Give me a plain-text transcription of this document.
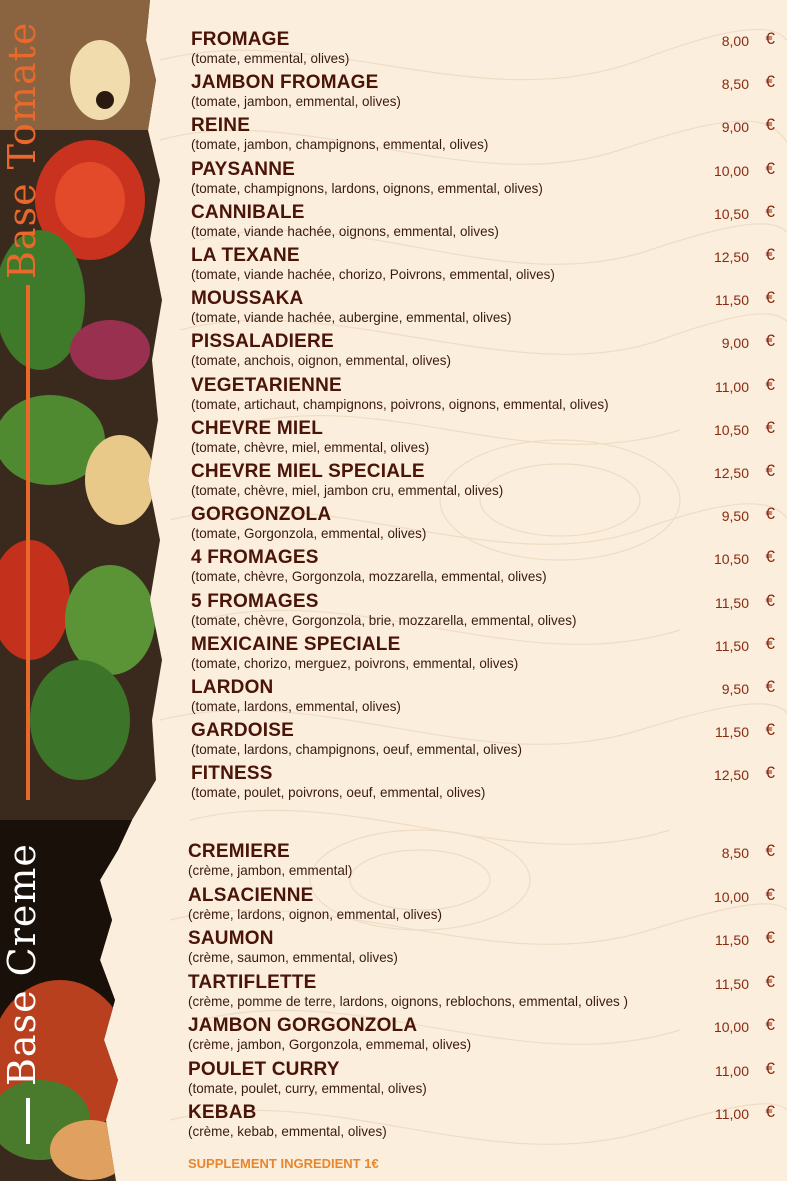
Base Tomate
Base Creme
FROMAGE
(tomate, emmental, olives)
8,00 €
JAMBON FROMAGE
(tomate, jambon, emmental, olives)
8,50 €
REINE
(tomate, jambon, champignons, emmental, olives)
9,00 €
PAYSANNE
(tomate, champignons, lardons, oignons, emmental, olives)
10,00 €
CANNIBALE
(tomate, viande hachée, oignons, emmental, olives)
10,50 €
LA TEXANE
(tomate, viande hachée, chorizo, Poivrons, emmental, olives)
12,50 €
MOUSSAKA
(tomate, viande hachée, aubergine, emmental, olives)
11,50 €
PISSALADIERE
(tomate, anchois, oignon, emmental, olives)
9,00 €
VEGETARIENNE
(tomate, artichaut, champignons, poivrons, oignons, emmental, olives)
11,00 €
CHEVRE MIEL
(tomate, chèvre, miel, emmental, olives)
10,50 €
CHEVRE MIEL SPECIALE
(tomate, chèvre, miel, jambon cru, emmental, olives)
12,50 €
GORGONZOLA
(tomate, Gorgonzola, emmental, olives)
9,50 €
4 FROMAGES
(tomate, chèvre, Gorgonzola, mozzarella, emmental, olives)
10,50 €
5 FROMAGES
(tomate, chèvre, Gorgonzola, brie, mozzarella, emmental, olives)
11,50 €
MEXICAINE SPECIALE
(tomate, chorizo, merguez, poivrons, emmental, olives)
11,50 €
LARDON
(tomate, lardons, emmental, olives)
9,50 €
GARDOISE
(tomate, lardons, champignons, oeuf, emmental, olives)
11,50 €
FITNESS
(tomate, poulet, poivrons, oeuf, emmental, olives)
12,50 €
CREMIERE
(crème, jambon, emmental)
8,50 €
ALSACIENNE
(crème, lardons, oignon, emmental, olives)
10,00 €
SAUMON
(crème, saumon, emmental, olives)
11,50 €
TARTIFLETTE
(crème, pomme de terre, lardons, oignons, reblochons, emmental, olives )
11,50 €
JAMBON GORGONZOLA
(crème, jambon, Gorgonzola, emmemal, olives)
10,00 €
POULET CURRY
(tomate, poulet, curry, emmental, olives)
11,00 €
KEBAB
(crème, kebab, emmental, olives)
11,00 €
SUPPLEMENT INGREDIENT 1€
